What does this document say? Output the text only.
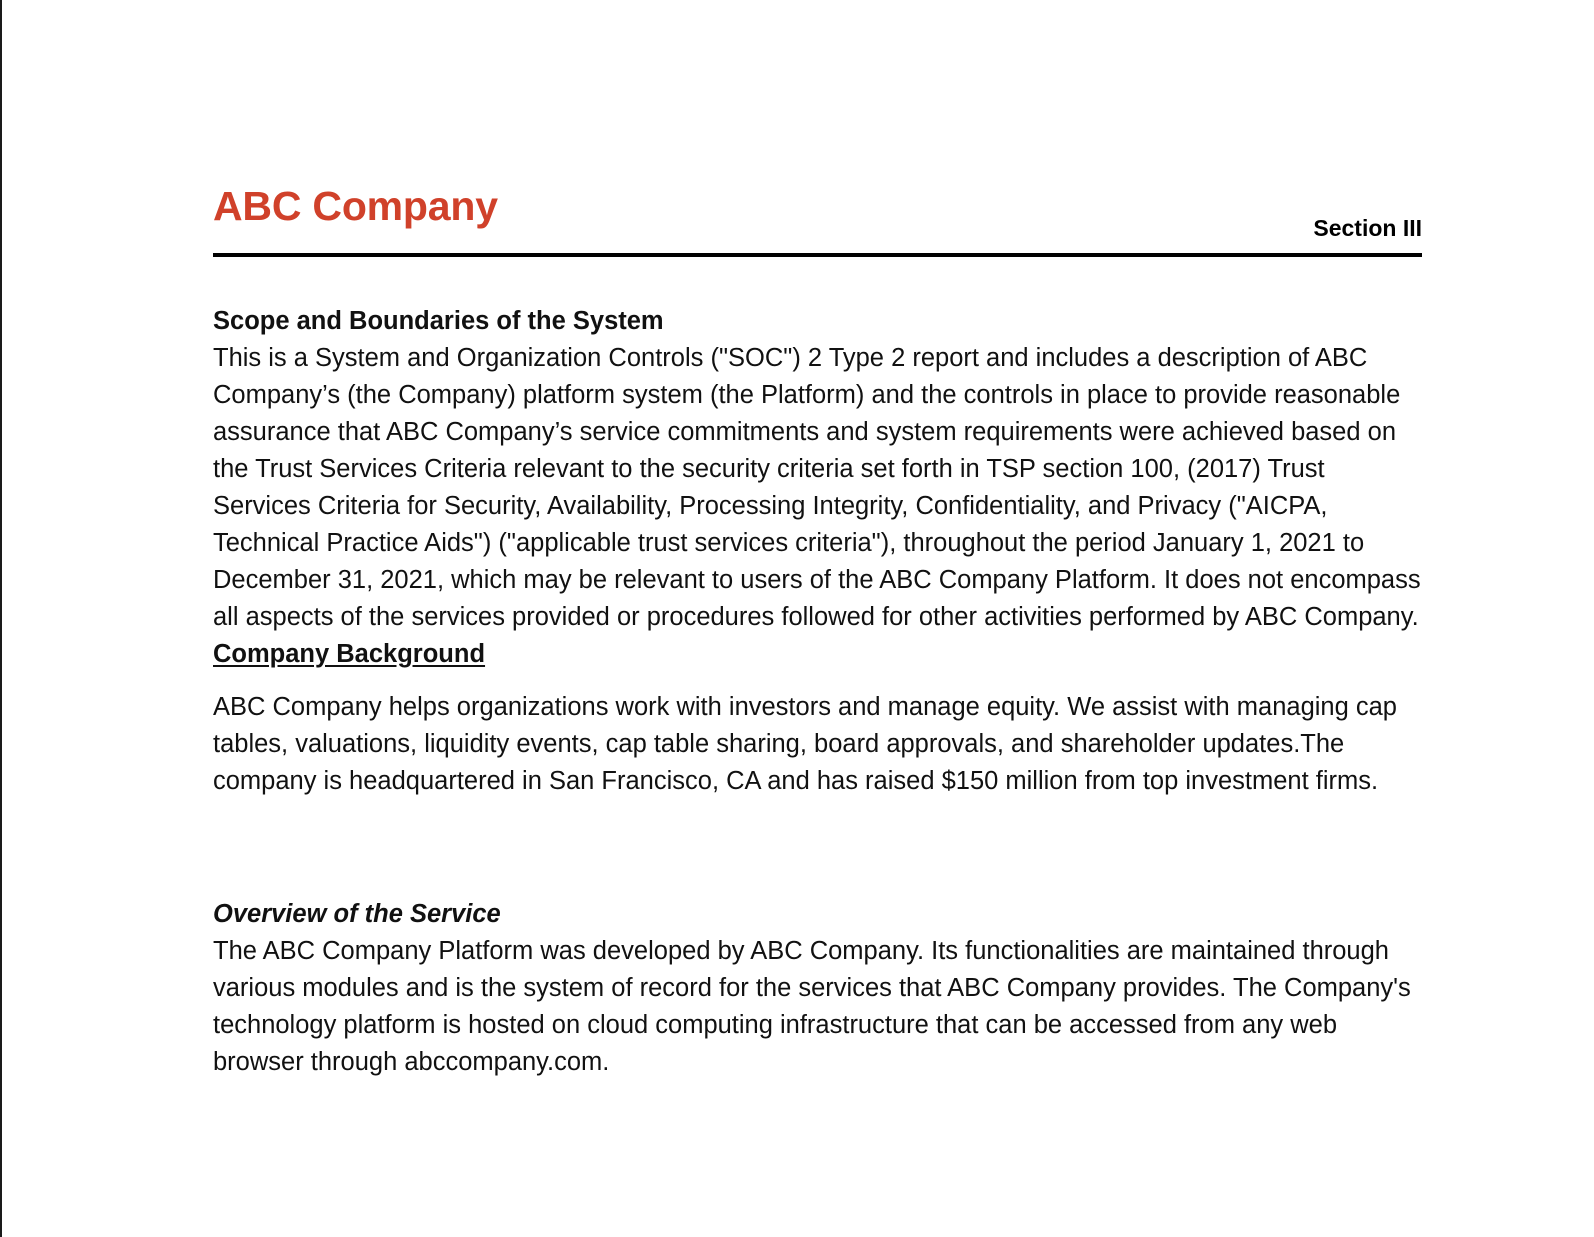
ABC Company	Section III
Scope and Boundaries of the System

This is a System and Organization Controls ("SOC") 2 Type 2 report and includes a description of ABC Company’s (the Company) platform system (the Platform) and the controls in place to provide reasonable assurance that ABC Company’s service commitments and system requirements were achieved based on the Trust Services Criteria relevant to the security criteria set forth in TSP section 100, (2017) Trust Services Criteria for Security, Availability, Processing Integrity, Confidentiality, and Privacy ("AICPA, Technical Practice Aids") ("applicable trust services criteria"), throughout the period January 1, 2021 to December 31, 2021, which may be relevant to users of the ABC Company Platform. It does not encompass all aspects of the services provided or procedures followed for other activities performed by ABC Company.

Company Background

ABC Company helps organizations work with investors and manage equity. We assist with managing cap tables, valuations, liquidity events, cap table sharing, board approvals, and shareholder updates.The company is headquartered in San Francisco, CA and has raised $150 million from top investment firms.

Overview of the Service

The ABC Company Platform was developed by ABC Company. Its functionalities are maintained through various modules and is the system of record for the services that ABC Company provides. The Company's technology platform is hosted on cloud computing infrastructure that can be accessed from any web browser through abccompany.com.
